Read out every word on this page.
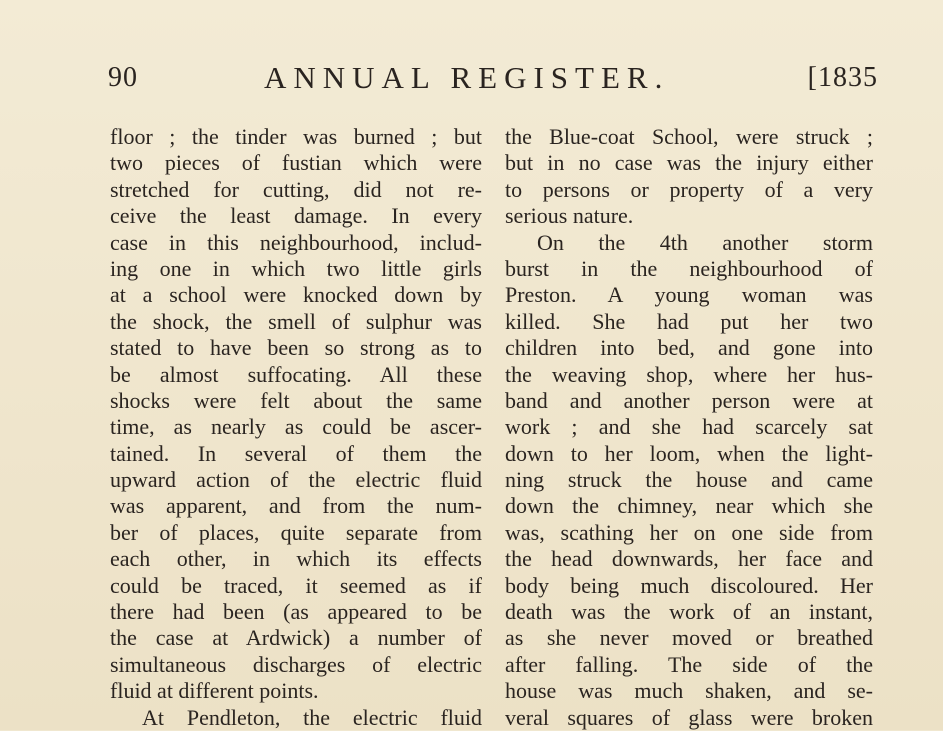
90	ANNUAL REGISTER.	[1835
floor ; the tinder was burned ; but
two pieces of fustian which were
stretched for cutting, did not re-
ceive the least damage. In every
case in this neighbourhood, includ-
ing one in which two little girls
at a school were knocked down by
the shock, the smell of sulphur was
stated to have been so strong as to
be almost suffocating. All these
shocks were felt about the same
time, as nearly as could be ascer-
tained. In several of them the
upward action of the electric fluid
was apparent, and from the num-
ber of places, quite separate from
each other, in which its effects
could be traced, it seemed as if
there had been (as appeared to be
the case at Ardwick) a number of
simultaneous discharges of electric
fluid at different points.
At Pendleton, the electric fluid
the Blue-coat School, were struck ;
but in no case was the injury either
to persons or property of a very
serious nature.
On the 4th another storm
burst in the neighbourhood of
Preston. A young woman was
killed. She had put her two
children into bed, and gone into
the weaving shop, where her hus-
band and another person were at
work ; and she had scarcely sat
down to her loom, when the light-
ning struck the house and came
down the chimney, near which she
was, scathing her on one side from
the head downwards, her face and
body being much discoloured. Her
death was the work of an instant,
as she never moved or breathed
after falling. The side of the
house was much shaken, and se-
veral squares of glass were broken
